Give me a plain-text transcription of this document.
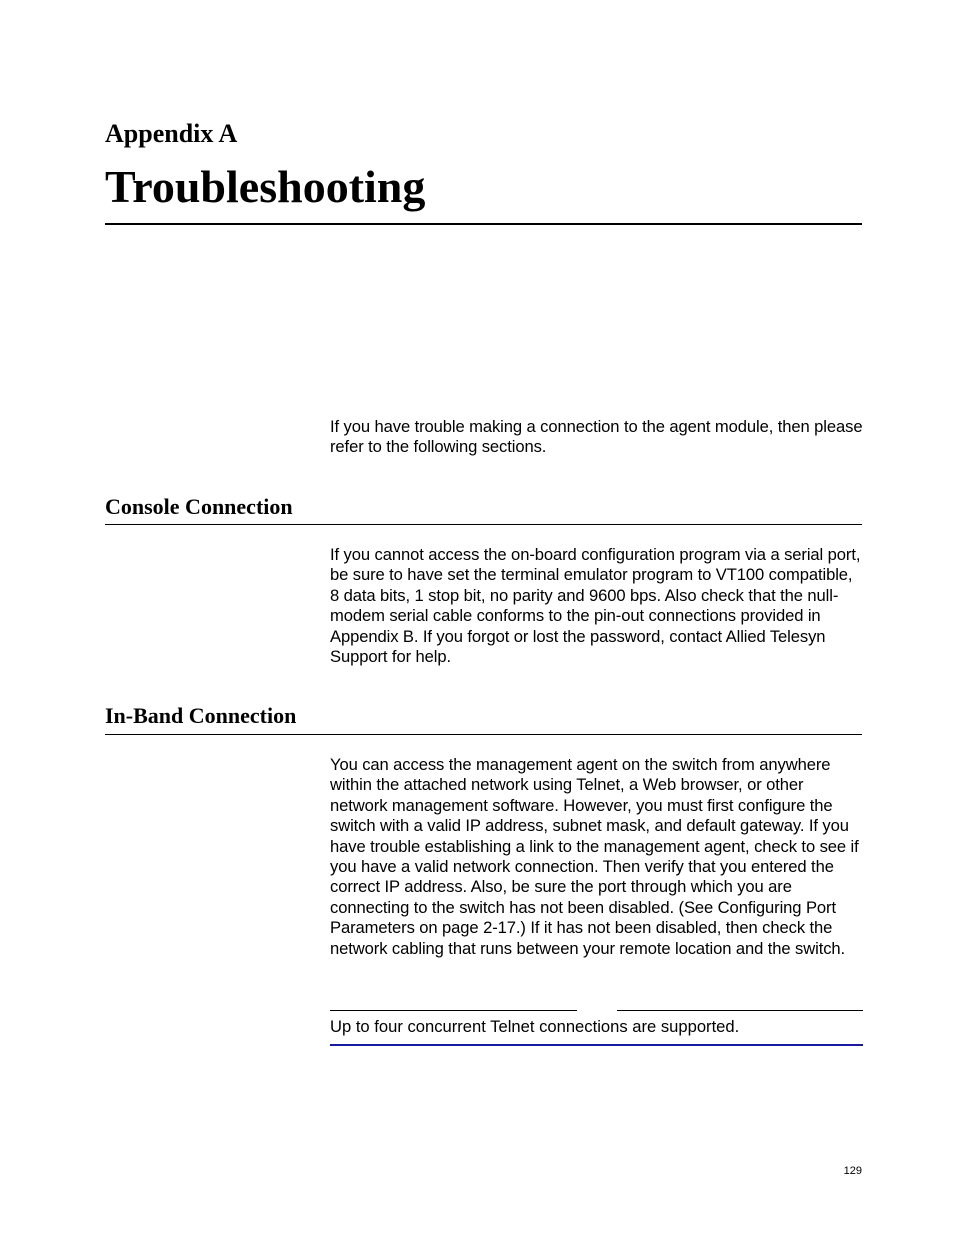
Appendix A
Troubleshooting

If you have trouble making a connection to the agent module, then please refer to the following sections.

Console Connection

If you cannot access the on-board configuration program via a serial port, be sure to have set the terminal emulator program to VT100 compatible, 8 data bits, 1 stop bit, no parity and 9600 bps. Also check that the null-modem serial cable conforms to the pin-out connections provided in Appendix B. If you forgot or lost the password, contact Allied Telesyn Support for help.

In-Band Connection

You can access the management agent on the switch from anywhere within the attached network using Telnet, a Web browser, or other network management software. However, you must first configure the switch with a valid IP address, subnet mask, and default gateway. If you have trouble establishing a link to the management agent, check to see if you have a valid network connection. Then verify that you entered the correct IP address. Also, be sure the port through which you are connecting to the switch has not been disabled. (See Configuring Port Parameters on page 2-17.) If it has not been disabled, then check the network cabling that runs between your remote location and the switch.

Up to four concurrent Telnet connections are supported.

129
